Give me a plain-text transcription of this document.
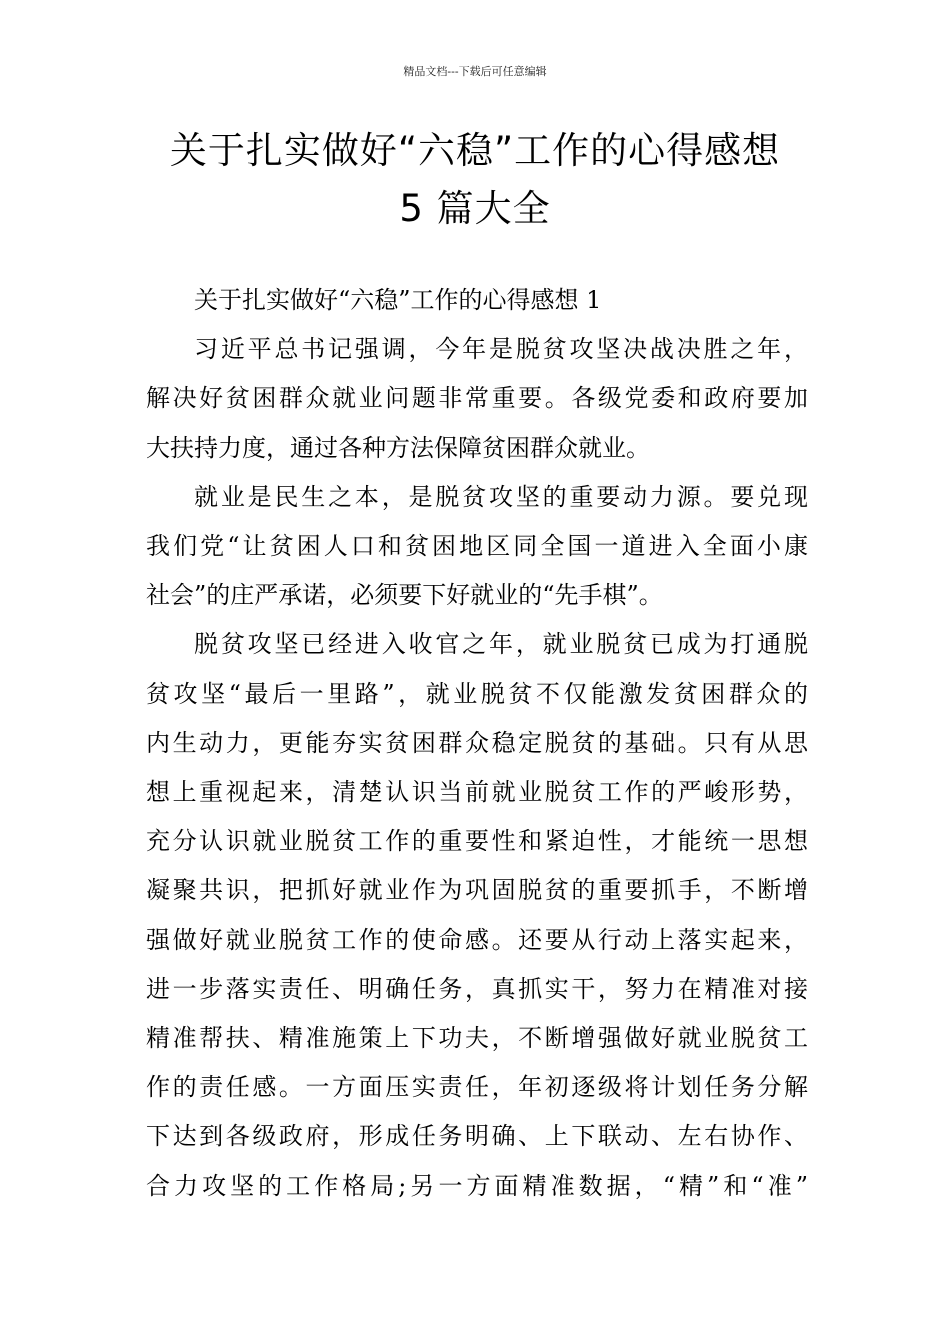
精品文档---下载后可任意编辑
关于扎实做好“六稳”工作的心得感想
5 篇大全

关于扎实做好“六稳”工作的心得感想 1

习近平总书记强调，今年是脱贫攻坚决战决胜之年，
解决好贫困群众就业问题非常重要。各级党委和政府要加
大扶持力度，通过各种方法保障贫困群众就业。

就业是民生之本，是脱贫攻坚的重要动力源。要兑现
我们党“让贫困人口和贫困地区同全国一道进入全面小康
社会”的庄严承诺，必须要下好就业的“先手棋”。

脱贫攻坚已经进入收官之年，就业脱贫已成为打通脱
贫攻坚“最后一里路”，就业脱贫不仅能激发贫困群众的
内生动力，更能夯实贫困群众稳定脱贫的基础。只有从思
想上重视起来，清楚认识当前就业脱贫工作的严峻形势，
充分认识就业脱贫工作的重要性和紧迫性，才能统一思想
凝聚共识，把抓好就业作为巩固脱贫的重要抓手，不断增
强做好就业脱贫工作的使命感。还要从行动上落实起来，
进一步落实责任、明确任务，真抓实干，努力在精准对接
精准帮扶、精准施策上下功夫，不断增强做好就业脱贫工
作的责任感。一方面压实责任，年初逐级将计划任务分解
下达到各级政府，形成任务明确、上下联动、左右协作、
合力攻坚的工作格局;另一方面精准数据，“精”和“准”
